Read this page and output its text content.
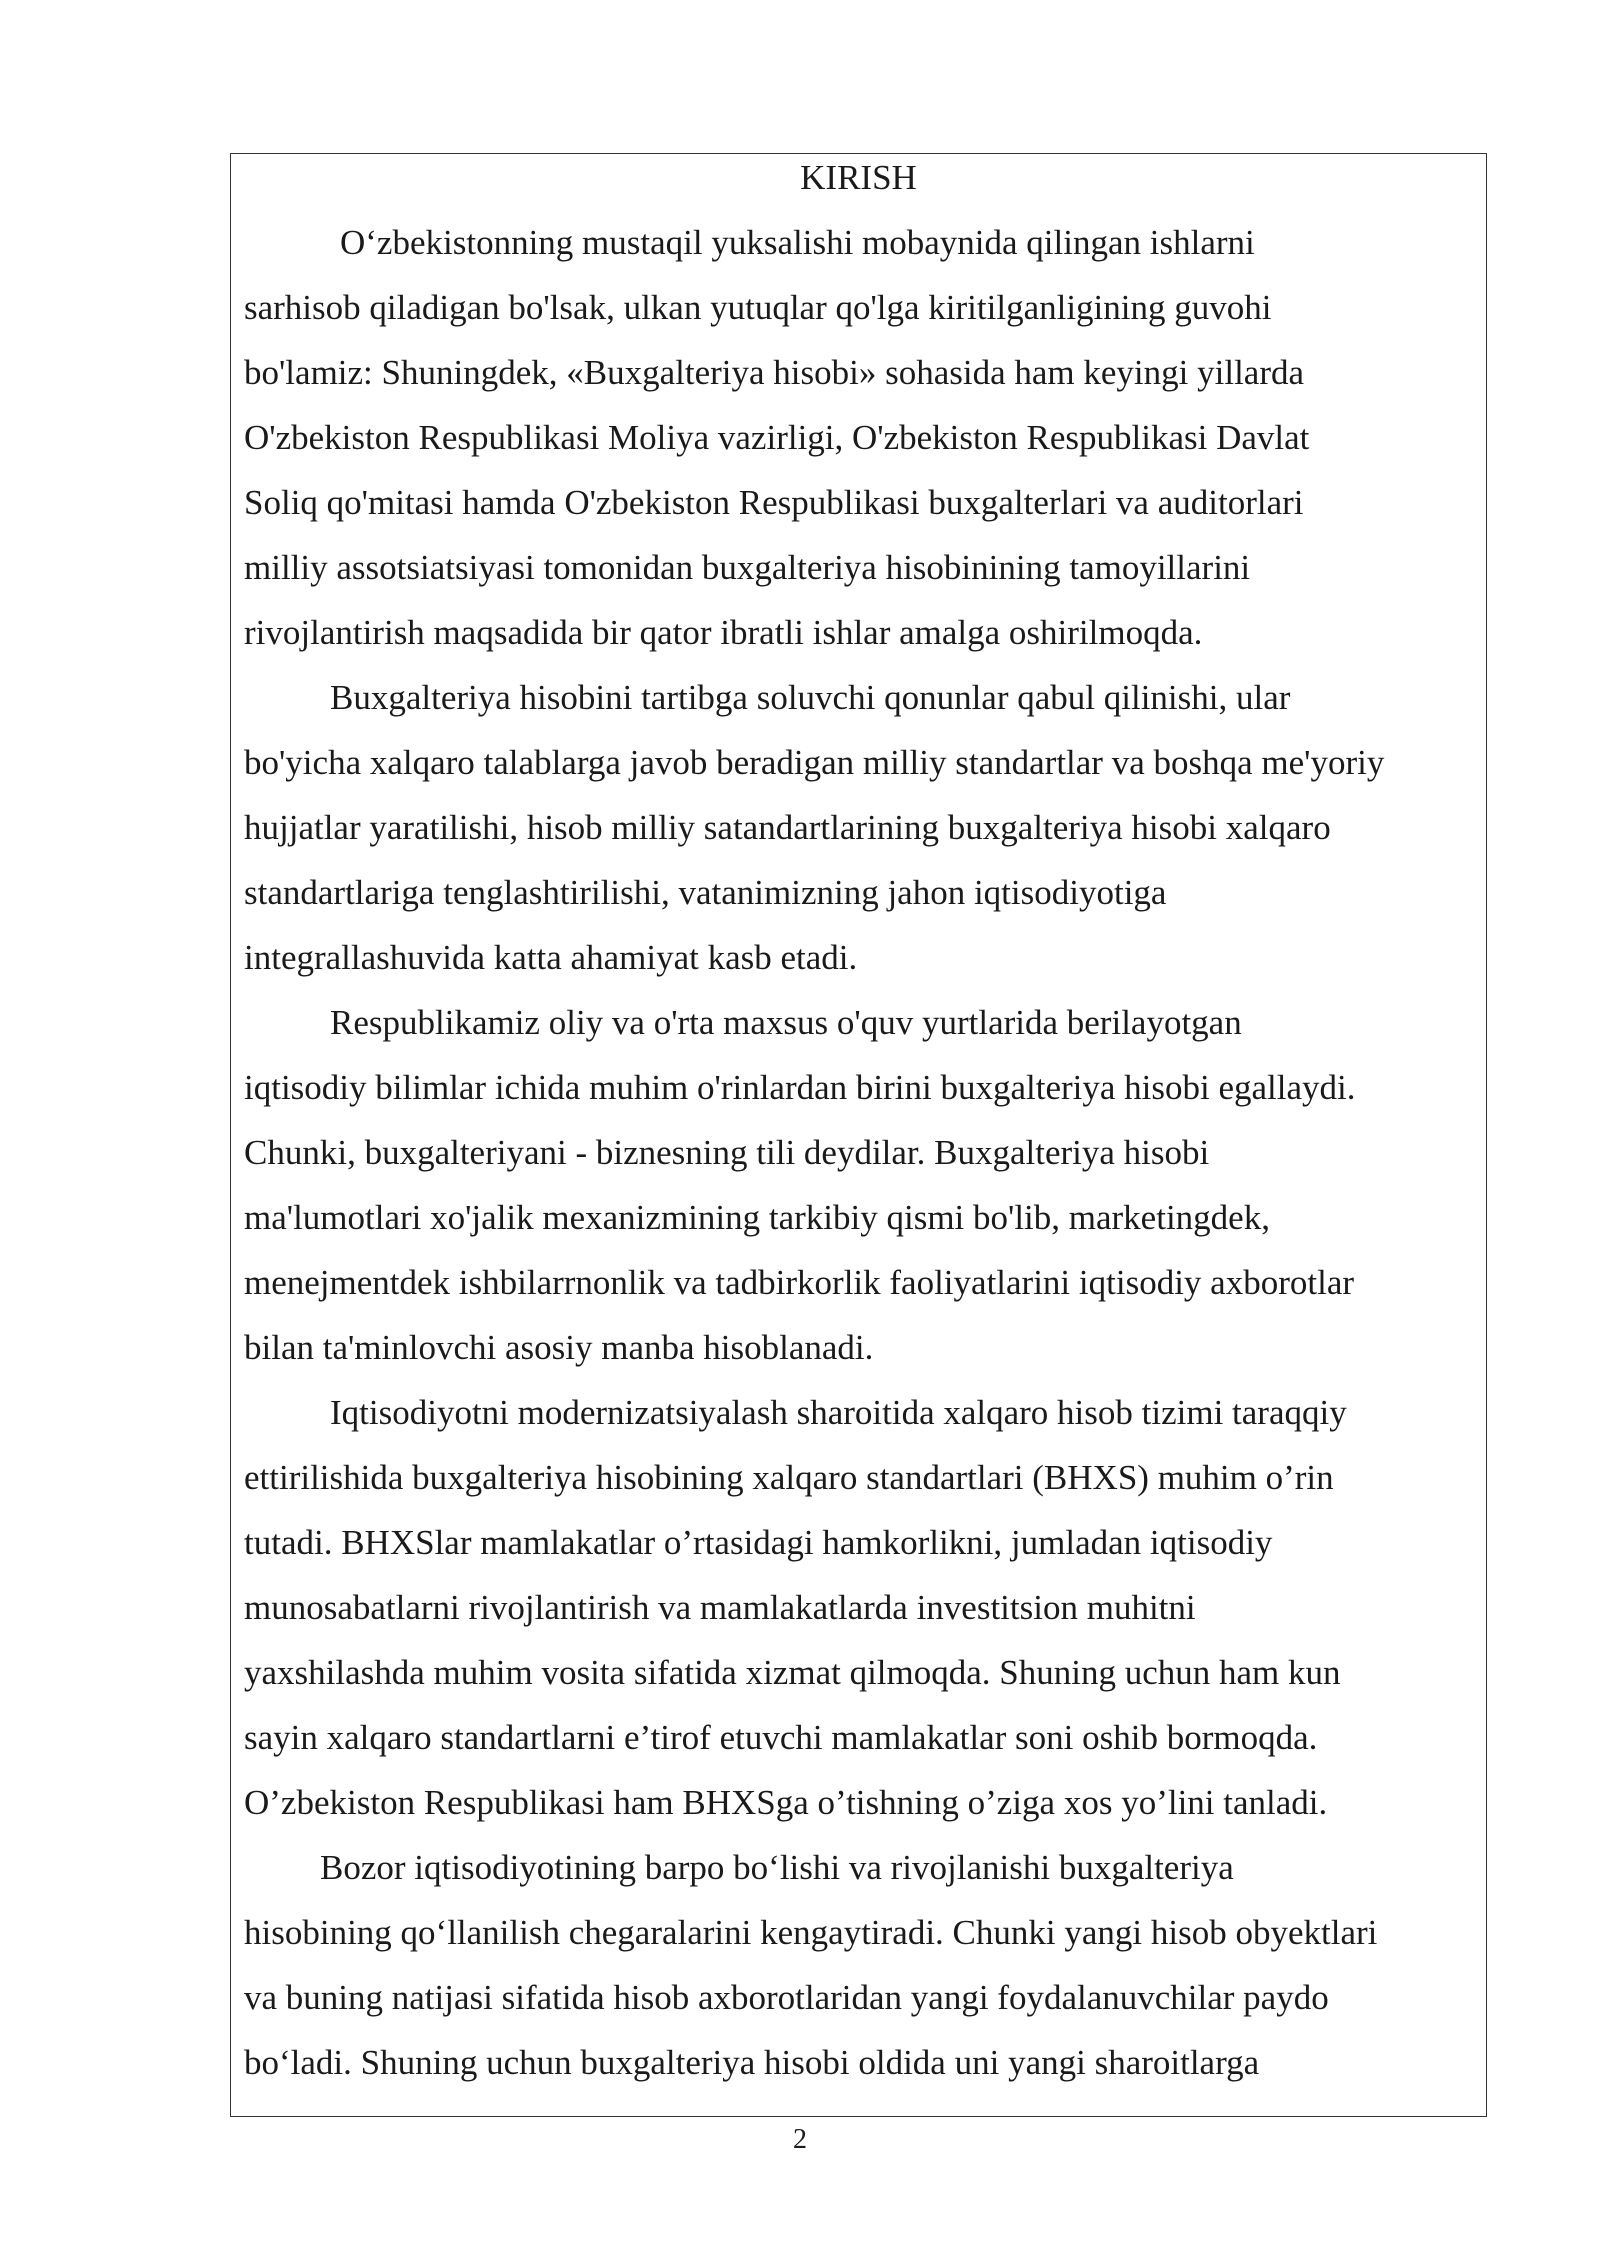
KIRISH

O‘zbekistonning mustaqil yuksalishi mobaynida qilingan ishlarni

sarhisob qiladigan bo'lsak, ulkan yutuqlar qo'lga kiritilganligining guvohi

bo'lamiz: Shuningdek, «Buxgalteriya hisobi» sohasida ham keyingi yillarda

O'zbekiston Respublikasi Moliya vazirligi, O'zbekiston Respublikasi Davlat

Soliq qo'mitasi hamda O'zbekiston Respublikasi buxgalterlari va auditorlari

milliy assotsiatsiyasi tomonidan buxgalteriya hisobinining tamoyillarini

rivojlantirish maqsadida bir qator ibratli ishlar amalga oshirilmoqda.

Buxgalteriya hisobini tartibga soluvchi qonunlar qabul qilinishi, ular

bo'yicha xalqaro talablarga javob beradigan milliy standartlar va boshqa me'yoriy

hujjatlar yaratilishi, hisob milliy satandartlarining buxgalteriya hisobi xalqaro

standartlariga tenglashtirilishi, vatanimizning jahon iqtisodiyotiga

integrallashuvida katta ahamiyat kasb etadi.

Respublikamiz oliy va o'rta maxsus o'quv yurtlarida berilayotgan

iqtisodiy bilimlar ichida muhim o'rinlardan birini buxgalteriya hisobi egallaydi.

Chunki, buxgalteriyani - biznesning tili deydilar. Buxgalteriya hisobi

ma'lumotlari xo'jalik mexanizmining tarkibiy qismi bo'lib, marketingdek,

menejmentdek ishbilarrnonlik va tadbirkorlik faoliyatlarini iqtisodiy axborotlar

bilan ta'minlovchi asosiy manba hisoblanadi.

Iqtisodiyotni modernizatsiyalash sharoitida xalqaro hisob tizimi taraqqiy

ettirilishida buxgalteriya hisobining xalqaro standartlari (BHXS) muhim o’rin

tutadi. BHXSlar mamlakatlar o’rtasidagi hamkorlikni, jumladan iqtisodiy

munosabatlarni rivojlantirish va mamlakatlarda investitsion muhitni

yaxshilashda muhim vosita sifatida xizmat qilmoqda. Shuning uchun ham kun

sayin xalqaro standartlarni e’tirof etuvchi mamlakatlar soni oshib bormoqda.

O’zbekiston Respublikasi ham BHXSga o’tishning o’ziga xos yo’lini tanladi.

Bozor iqtisodiyotining barpo bo‘lishi va rivojlanishi buxgalteriya

hisobining qo‘llanilish chegaralarini kengaytiradi. Chunki yangi hisob obyektlari

va buning natijasi sifatida hisob axborotlaridan yangi foydalanuvchilar paydo

bo‘ladi. Shuning uchun buxgalteriya hisobi oldida uni yangi sharoitlarga

2
